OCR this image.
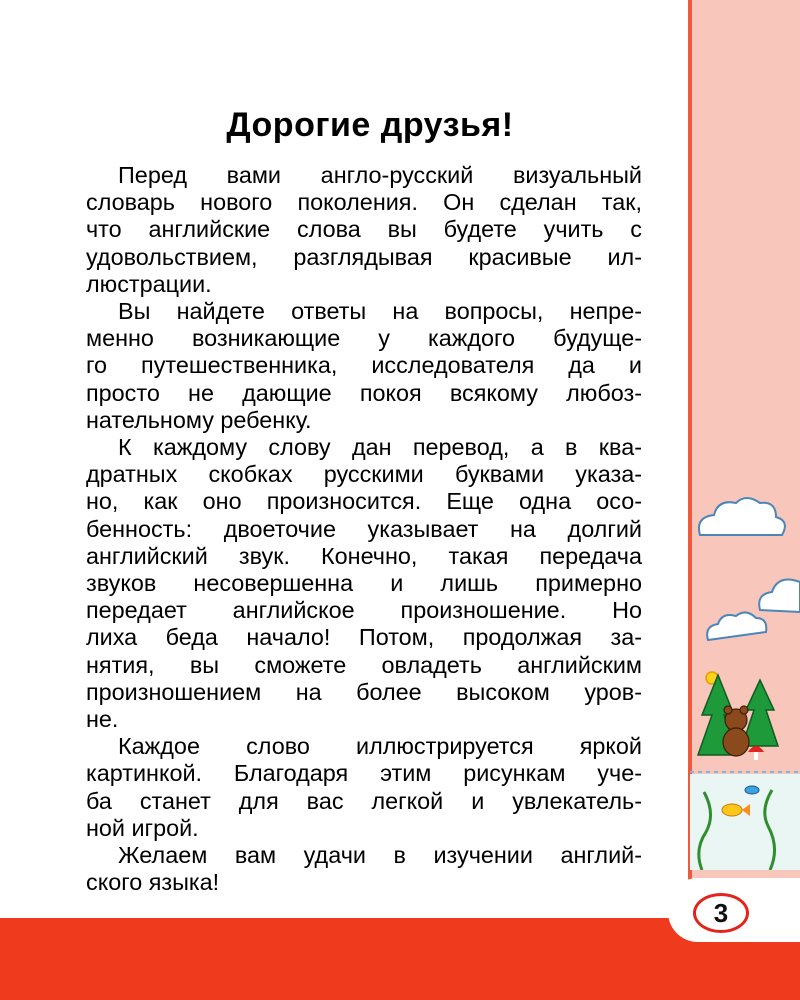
3
Дорогие друзья!

Перед вами англо-русский визуальный
словарь нового поколения. Он сделан так,
что английские слова вы будете учить с
удовольствием, разглядывая красивые ил-
люстрации.

Вы найдете ответы на вопросы, непре-
менно возникающие у каждого будуще-
го путешественника, исследователя да и
просто не дающие покоя всякому любоз-
нательному ребенку.

К каждому слову дан перевод, а в ква-
дратных скобках русскими буквами указа-
но, как оно произносится. Еще одна осо-
бенность: двоеточие указывает на долгий
английский звук. Конечно, такая передача
звуков несовершенна и лишь примерно
передает английское произношение. Но
лиха беда начало! Потом, продолжая за-
нятия, вы сможете овладеть английским
произношением на более высоком уров-
не.

Каждое слово иллюстрируется яркой
картинкой. Благодаря этим рисункам уче-
ба станет для вас легкой и увлекатель-
ной игрой.

Желаем вам удачи в изучении англий-
ского языка!
